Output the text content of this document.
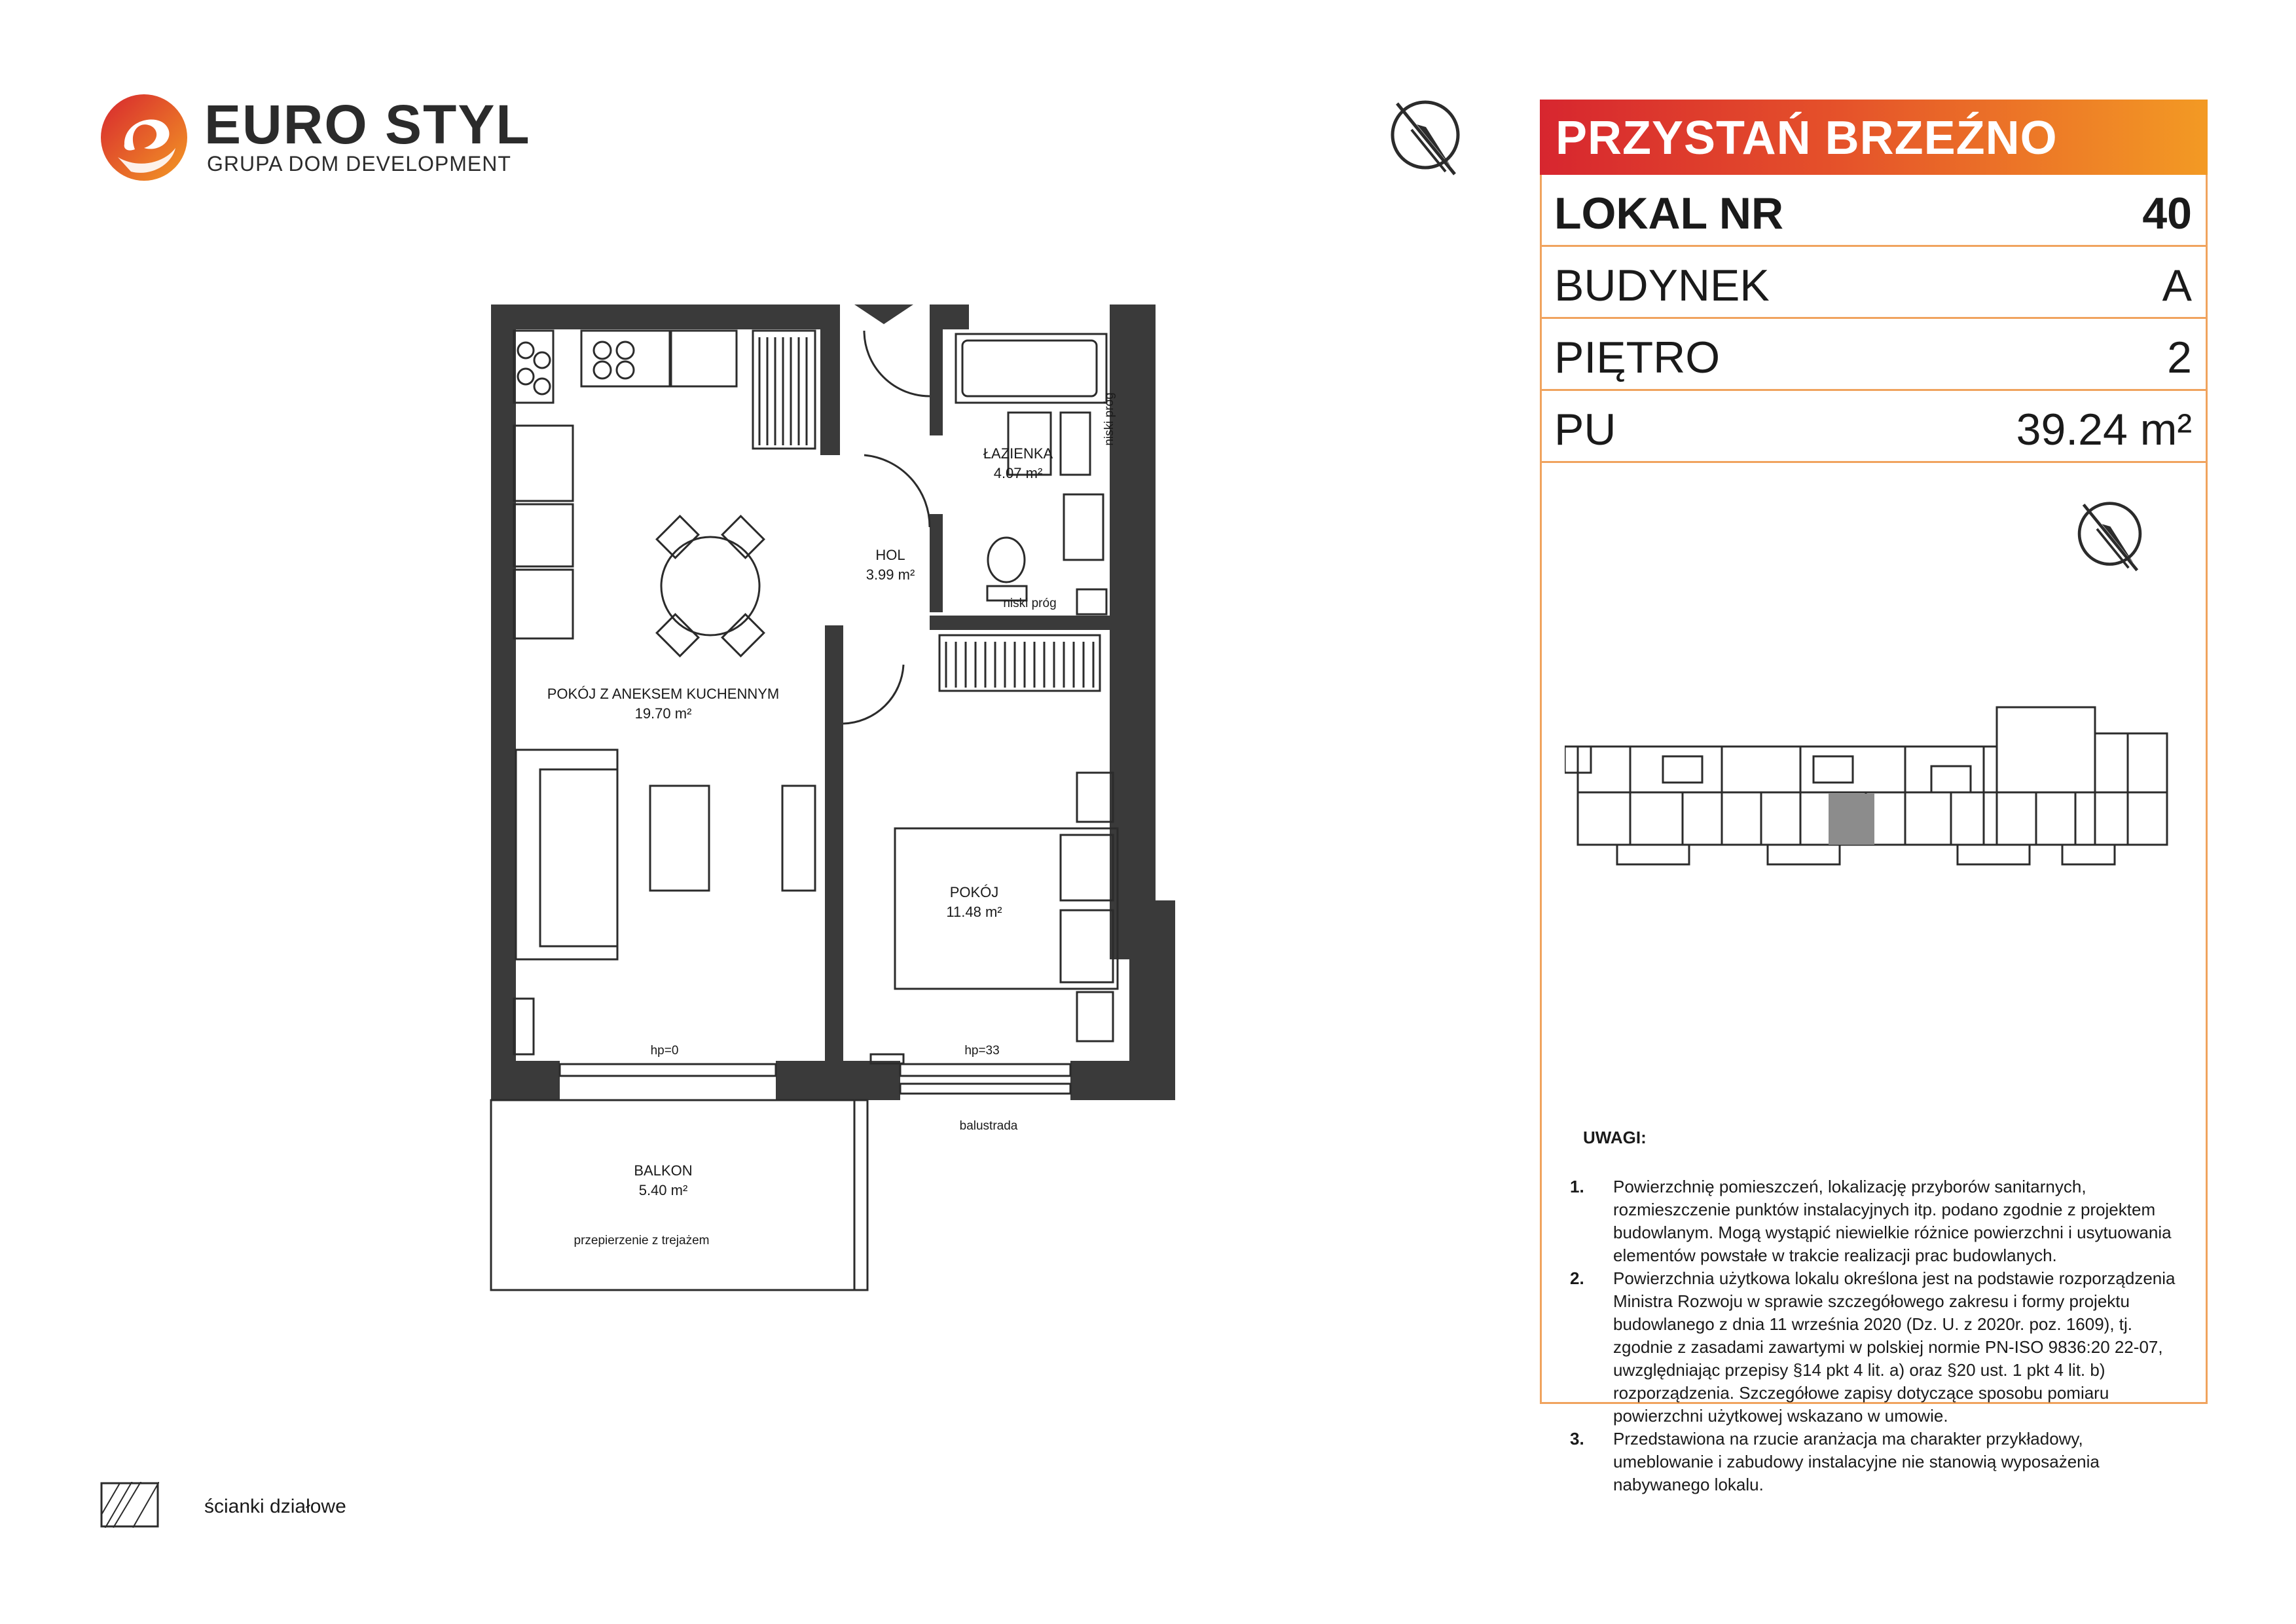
EURO STYL
GRUPA DOM DEVELOPMENT	PRZYSTAŃ BRZEŹNO
LOKAL NR	40
BUDYNEK	A
PIĘTRO	2
PU	39.24 m²
UWAGI:
1. Powierzchnię pomieszczeń, lokalizację przyborów sanitarnych,
rozmieszczenie punktów instalacyjnych itp. podano zgodnie z projektem
budowlanym. Mogą wystąpić niewielkie różnice powierzchni i usytuowania
elementów powstałe w trakcie realizacji prac budowlanych.
2. Powierzchnia użytkowa lokalu określona jest na podstawie rozporządzenia
Ministra Rozwoju w sprawie szczegółowego zakresu i formy projektu
budowlanego z dnia 11 września 2020 (Dz. U. z 2020r. poz. 1609), tj.
zgodnie z zasadami zawartymi w polskiej normie PN-ISO 9836:20 22-07,
uwzględniając przepisy §14 pkt 4 lit. a) oraz §20 ust. 1 pkt 4 lit. b)
rozporządzenia. Szczegółowe zapisy dotyczące sposobu pomiaru
powierzchni użytkowej wskazano w umowie.
3. Przedstawiona na rzucie aranżacja ma charakter przykładowy,
umeblowanie i zabudowy instalacyjne nie stanowią wyposażenia
nabywanego lokalu.
ścianki działowe
ŁAZIENKA
4.07 m²
HOL
3.99 m²
POKÓJ Z ANEKSEM KUCHENNYM
19.70 m²
POKÓJ
11.48 m²
BALKON
5.40 m²
niski próg
niski próg
hp=0	hp=33
balustrada
przepierzenie z trejażem
